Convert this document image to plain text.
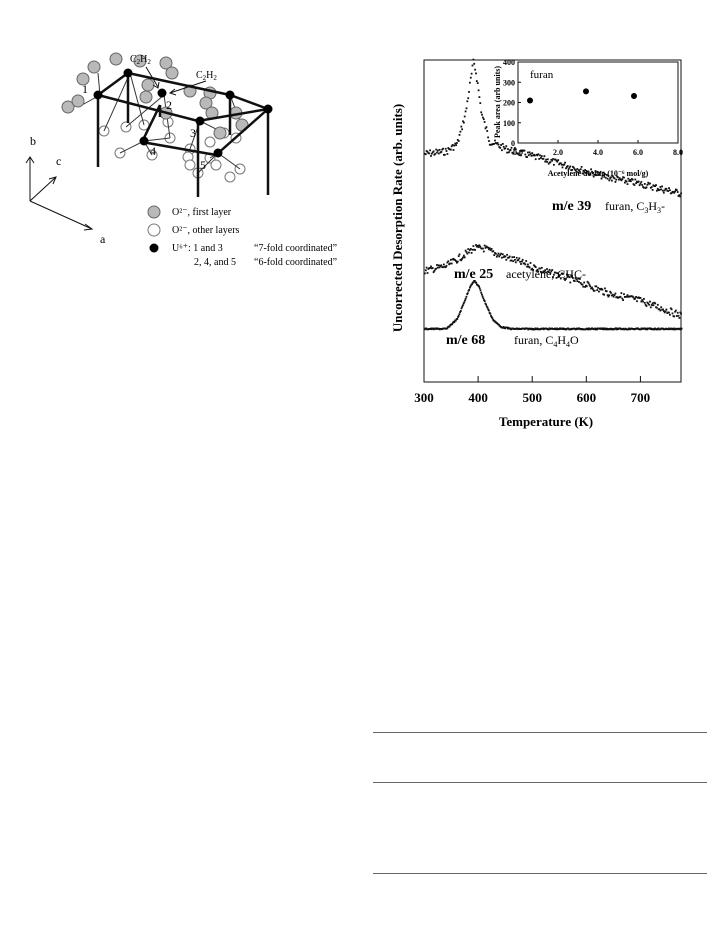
$C_2H_2$
$C_2H_2$
1
2
3
4
5
b
c
a
O²⁻, first layer
O²⁻, other layers
U⁶⁺: 1 and 3	“7-fold coordinated”
2, 4, and 5 “6-fold coordinated”
300	400	500	600	700
Uncorrected Desorption Rate (arb. units)
Temperature (K)
m/e 39 furan, $C_3H_3-$
m/e 25 acetylene, CHC-
m/e 68 furan, $C_4H_4O$
furan
Peak area (arb units)
Acetylene dosing (10⁻⁶ mol/g)
0.0	2.0	4.0	6.0	8.0
0
100
200
300
400
